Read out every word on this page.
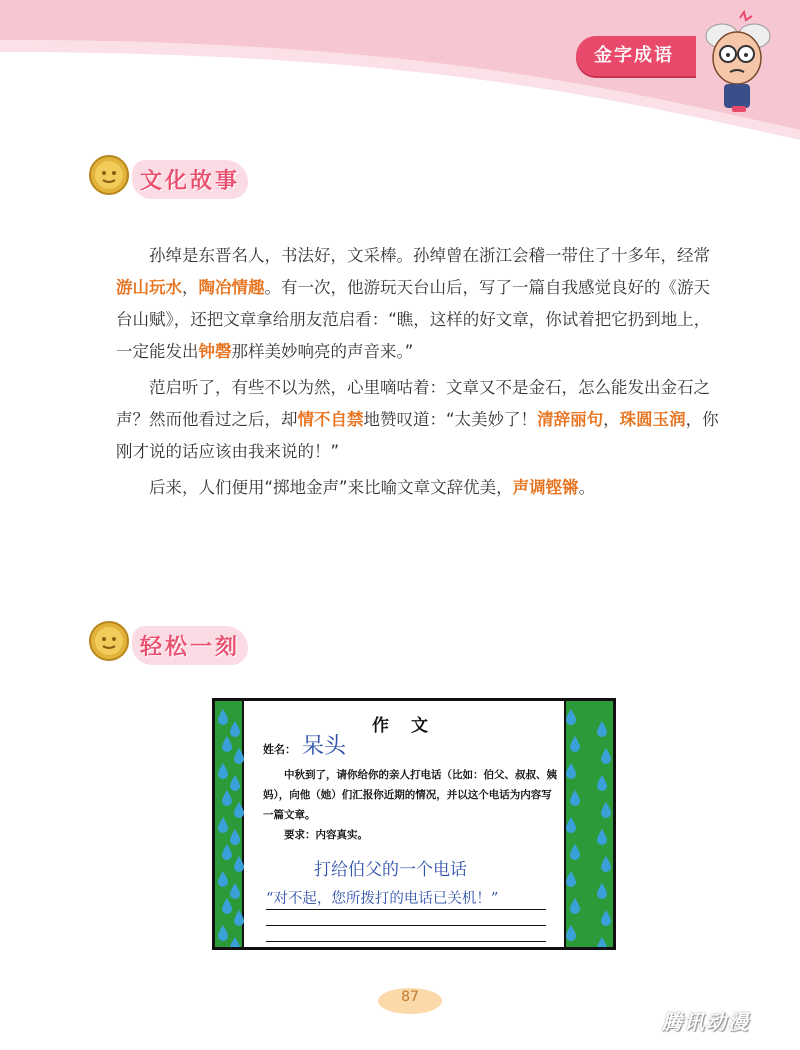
金字成语
文化故事

孙绰是东晋名人，书法好，文采棒。孙绰曾在浙江会稽一带住了十多年，经常游山玩水，陶冶情趣。有一次，他游玩天台山后，写了一篇自我感觉良好的《游天台山赋》，还把文章拿给朋友范启看：“瞧，这样的好文章，你试着把它扔到地上，一定能发出钟磬那样美妙响亮的声音来。”

范启听了，有些不以为然，心里嘀咕着：文章又不是金石，怎么能发出金石之声？然而他看过之后，却情不自禁地赞叹道：“太美妙了！清辞丽句，珠圆玉润，你刚才说的话应该由我来说的！”

后来，人们便用“掷地金声”来比喻文章文辞优美，声调铿锵。

轻松一刻
作 文
姓名： 呆头
中秋到了，请你给你的亲人打电话（比如：伯父、叔叔、姨妈），向他（她）们汇报你近期的情况，并以这个电话为内容写一篇文章。
要求：内容真实。
打给伯父的一个电话
“对不起，您所拨打的电话已关机！”
87
腾讯动漫
